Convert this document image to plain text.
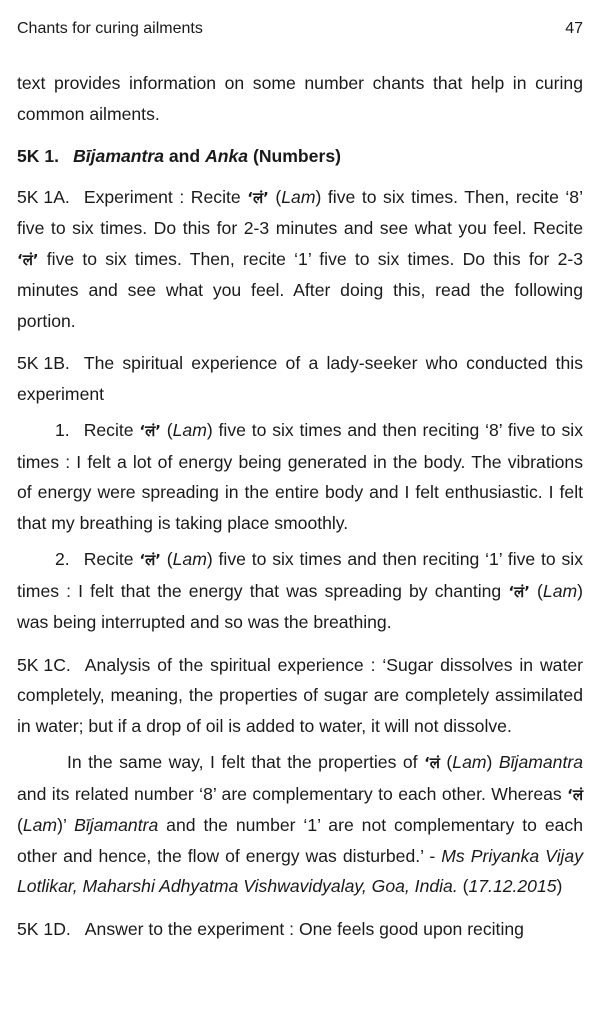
Chants for curing ailments	47

text provides information on some number chants that help in curing common ailments.

5K 1. Bījamantra and Anka (Numbers)

5K 1A. Experiment : Recite ‘लं’ (Lam) five to six times. Then, recite ‘8’ five to six times. Do this for 2-3 minutes and see what you feel. Recite ‘लं’ five to six times. Then, recite ‘1’ five to six times. Do this for 2-3 minutes and see what you feel. After doing this, read the following portion.

5K 1B. The spiritual experience of a lady-seeker who conducted this experiment

1. Recite ‘लं’ (Lam) five to six times and then reciting ‘8’ five to six times : I felt a lot of energy being generated in the body. The vibrations of energy were spreading in the entire body and I felt enthusiastic. I felt that my breathing is taking place smoothly.

2. Recite ‘लं’ (Lam) five to six times and then reciting ‘1’ five to six times : I felt that the energy that was spreading by chanting ‘लं’ (Lam) was being interrupted and so was the breathing.

5K 1C. Analysis of the spiritual experience : ‘Sugar dissolves in water completely, meaning, the properties of sugar are completely assimilated in water; but if a drop of oil is added to water, it will not dissolve.

In the same way, I felt that the properties of ‘लं (Lam) Bījamantra and its related number ‘8’ are complementary to each other. Whereas ‘लं (Lam)’ Bījamantra and the number ‘1’ are not complementary to each other and hence, the flow of energy was disturbed.’ - Ms Priyanka Vijay Lotlikar, Maharshi Adhyatma Vishwavidyalay, Goa, India. (17.12.2015)

5K 1D. Answer to the experiment : One feels good upon reciting
